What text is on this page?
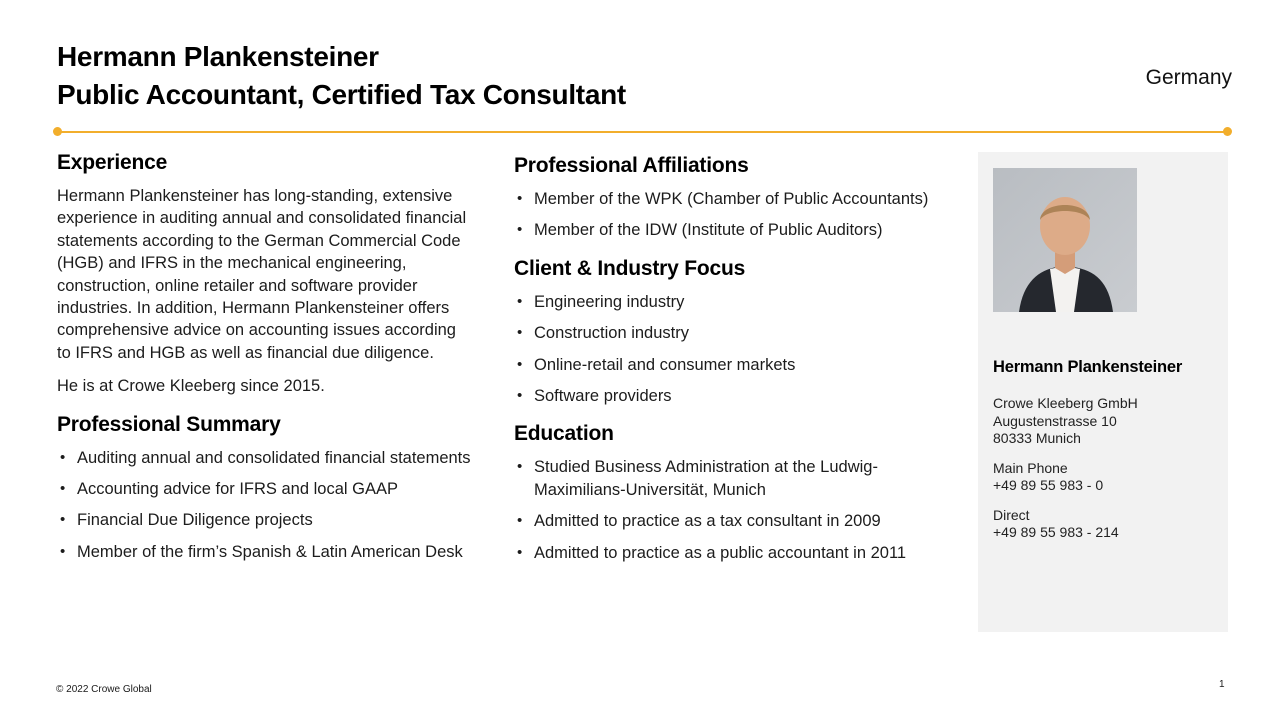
Hermann Plankensteiner
Public Accountant, Certified Tax Consultant
Germany
Experience

Hermann Plankensteiner has long-standing, extensive experience in auditing annual and consolidated financial statements according to the German Commercial Code (HGB) and IFRS in the mechanical engineering, construction, online retailer and software provider industries. In addition, Hermann Plankensteiner offers comprehensive advice on accounting issues according to IFRS and HGB as well as financial due diligence.

He is at Crowe Kleeberg since 2015.

Professional Summary
• Auditing annual and consolidated financial statements
• Accounting advice for IFRS and local GAAP
• Financial Due Diligence projects
• Member of the firm’s Spanish & Latin American Desk
Professional Affiliations
• Member of the WPK (Chamber of Public Accountants)
• Member of the IDW (Institute of Public Auditors)
Client & Industry Focus
• Engineering industry
• Construction industry
• Online-retail and consumer markets
• Software providers
Education
• Studied Business Administration at the Ludwig-Maximilians-Universität, Munich
• Admitted to practice as a tax consultant in 2009
• Admitted to practice as a public accountant in 2011
Hermann Plankensteiner
Crowe Kleeberg GmbH
Augustenstrasse 10
80333 Munich
Main Phone
+49 89 55 983 - 0
Direct
+49 89 55 983 - 214
© 2022 Crowe Global	1
